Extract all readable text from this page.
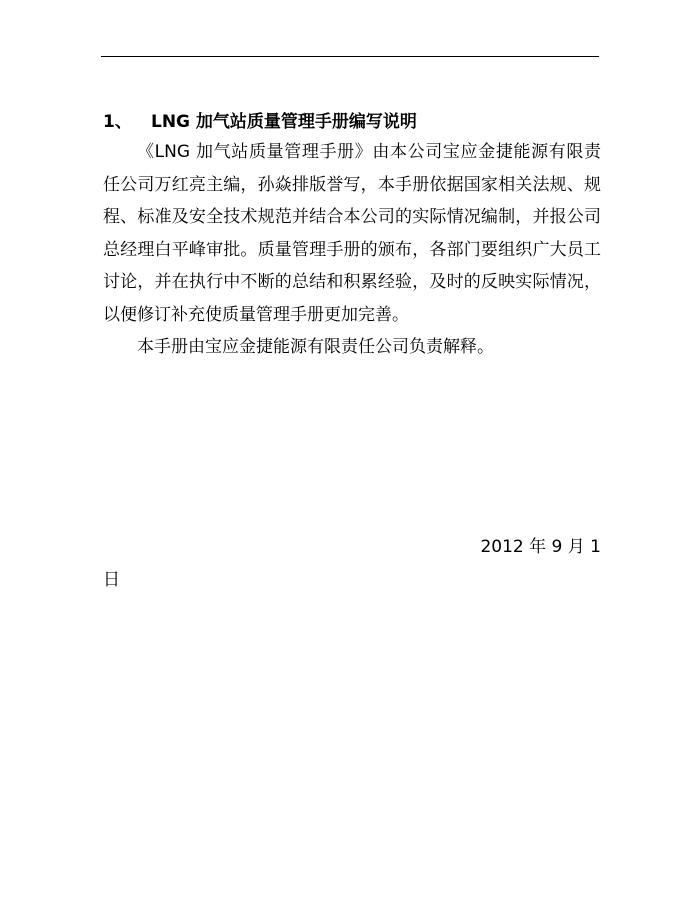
1、 LNG 加气站质量管理手册编写说明

《LNG 加气站质量管理手册》由本公司宝应金捷能源有限责任公司万红亮主编，孙焱排版誉写，本手册依据国家相关法规、规程、标准及安全技术规范并结合本公司的实际情况编制，并报公司总经理白平峰审批。质量管理手册的颁布，各部门要组织广大员工讨论，并在执行中不断的总结和积累经验，及时的反映实际情况，以便修订补充使质量管理手册更加完善。

本手册由宝应金捷能源有限责任公司负责解释。

2012 年 9 月 1
日
